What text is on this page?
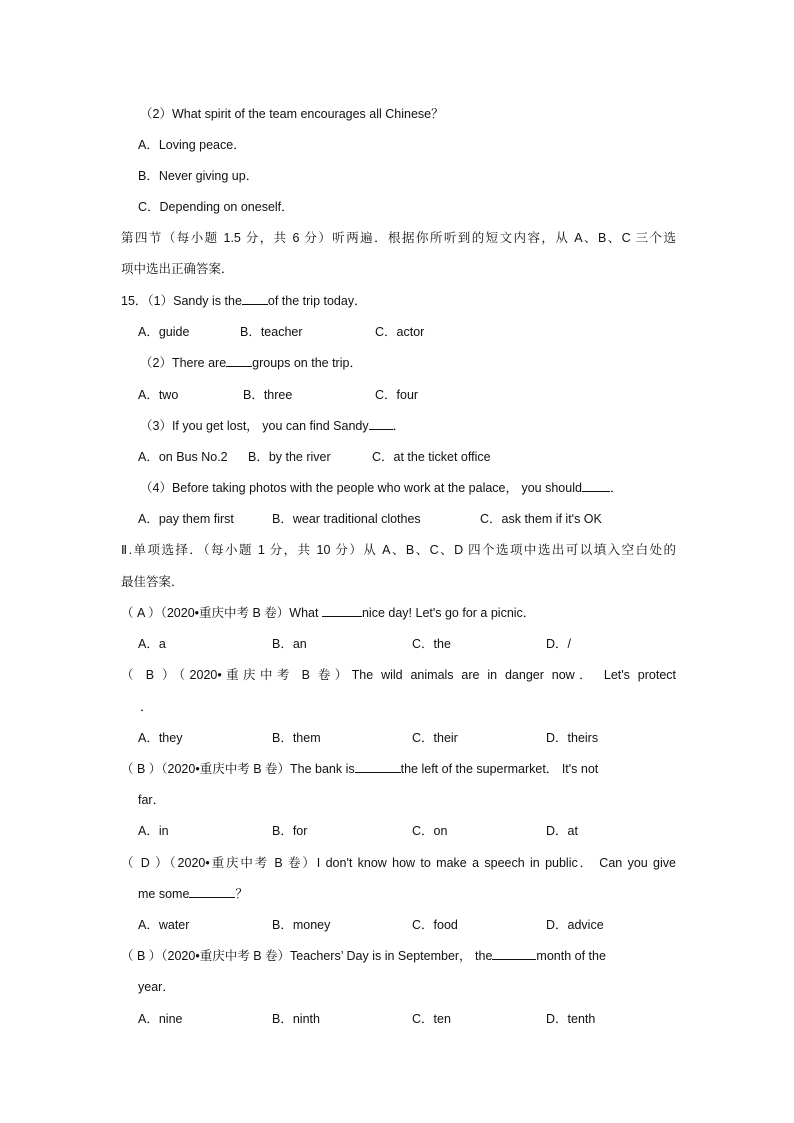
（2）What spirit of the team encourages all Chinese？
A．Loving peace．
B．Never giving up．
C．Depending on oneself．
第四节（每小题 1.5 分，共 6 分）听两遍．根据你所听到的短文内容，从 A、B、C 三个选
项中选出正确答案．
15．（1）Sandy is the of the trip today．
A．guide	B．teacher	C．actor
（2）There are groups on the trip．
A．two	B．three	C．four
（3）If you get lost， you can find Sandy ．
A．on Bus No.2 B．by the river	C．at the ticket office
（4）Before taking photos with the people who work at the palace， you should ．
A．pay them first	B．wear traditional clothes	C．ask them if it's OK
Ⅱ.单项选择．（每小题 1 分，共 10 分）从 A、B、C、D 四个选项中选出可以填入空白处的
最佳答案．
（ A ）（2020•重庆中考 B 卷）What	nice day! Let's go for a picnic．
A．a	B．an	C．the	D．/
（ B ）（2020•重庆中考 B 卷）The wild animals are in danger now． Let's protect
．
A．they	B．them	C．their	D．theirs
（ B ）（2020•重庆中考 B 卷）The bank is	the left of the supermarket． It's not
far．
A．in	B．for	C．on	D．at
（ D ）（2020•重庆中考 B 卷）I don't know how to make a speech in public． Can you give
me some	？
A．water	B．money	C．food	D．advice
（ B ）（2020•重庆中考 B 卷）Teachers’ Day is in September， the	month of the
year．
A．nine	B．ninth	C．ten	D．tenth
